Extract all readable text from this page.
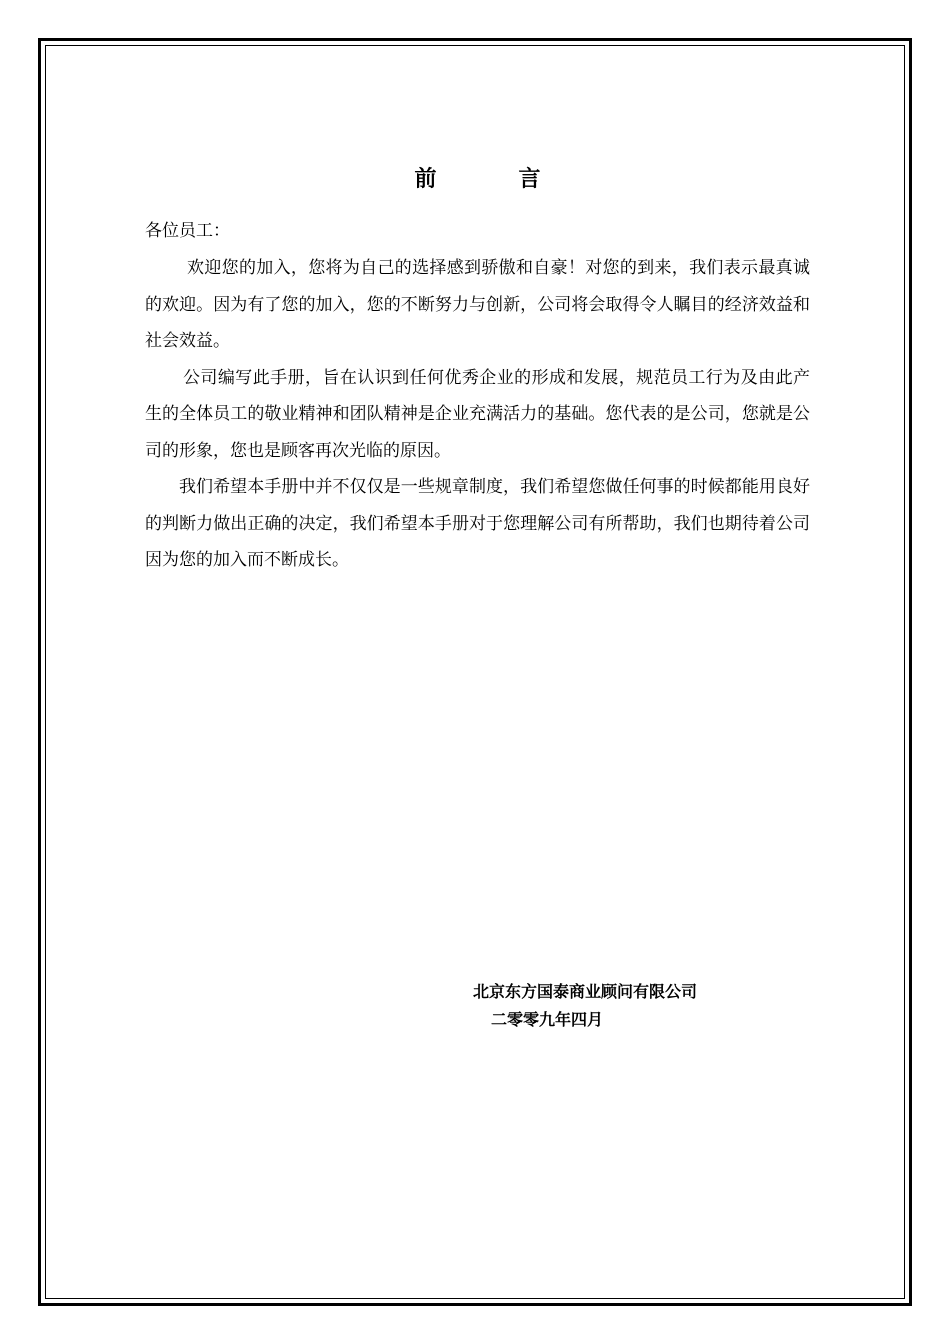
前　言

各位员工：

欢迎您的加入，您将为自己的选择感到骄傲和自豪！对您的到来，我们表示最真诚的欢迎。因为有了您的加入，您的不断努力与创新，公司将会取得令人瞩目的经济效益和社会效益。

公司编写此手册，旨在认识到任何优秀企业的形成和发展，规范员工行为及由此产生的全体员工的敬业精神和团队精神是企业充满活力的基础。您代表的是公司，您就是公司的形象，您也是顾客再次光临的原因。

我们希望本手册中并不仅仅是一些规章制度，我们希望您做任何事的时候都能用良好的判断力做出正确的决定，我们希望本手册对于您理解公司有所帮助，我们也期待着公司因为您的加入而不断成长。

北京东方国泰商业顾问有限公司
二零零九年四月
